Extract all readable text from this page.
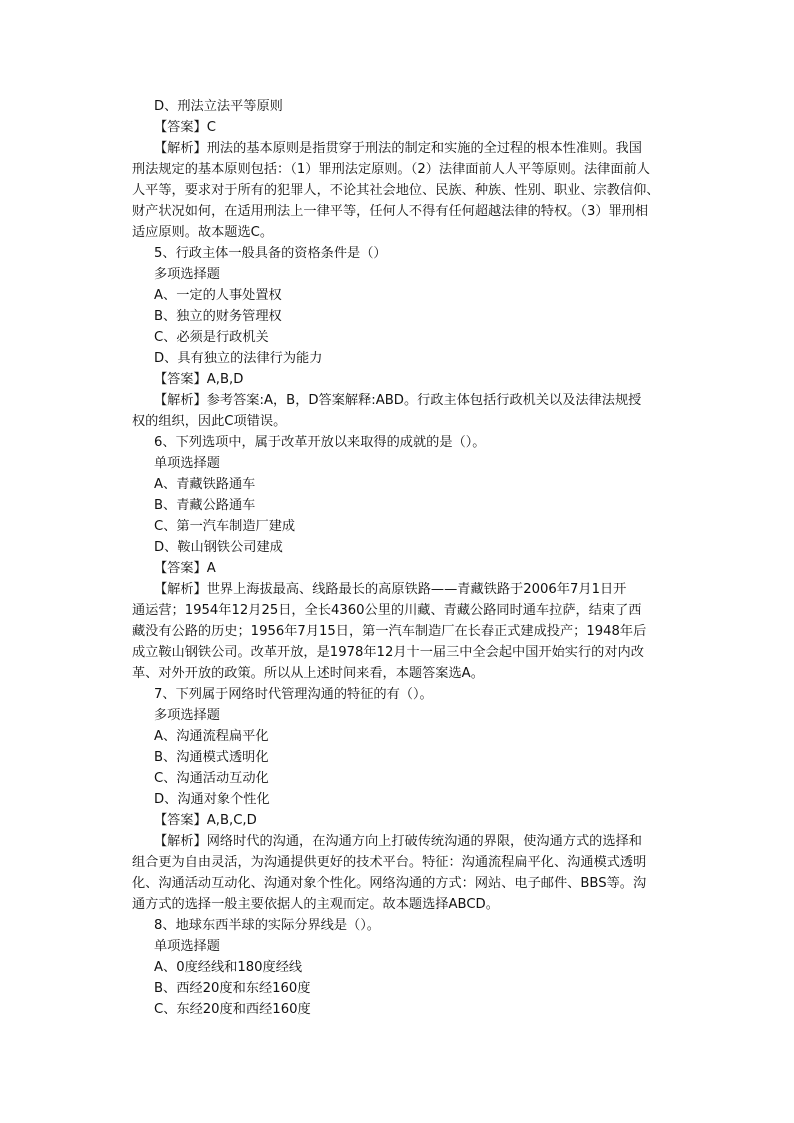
D、刑法立法平等原则
【答案】C
【解析】刑法的基本原则是指贯穿于刑法的制定和实施的全过程的根本性准则。我国
刑法规定的基本原则包括：（1）罪刑法定原则。（2）法律面前人人平等原则。法律面前人
人平等，要求对于所有的犯罪人，不论其社会地位、民族、种族、性别、职业、宗教信仰、
财产状况如何，在适用刑法上一律平等，任何人不得有任何超越法律的特权。（3）罪刑相
适应原则。故本题选C。
5、行政主体一般具备的资格条件是（）
多项选择题
A、一定的人事处置权
B、独立的财务管理权
C、必须是行政机关
D、具有独立的法律行为能力
【答案】A,B,D
【解析】参考答案:A，B，D答案解释:ABD。行政主体包括行政机关以及法律法规授
权的组织，因此C项错误。
6、下列选项中，属于改革开放以来取得的成就的是（）。
单项选择题
A、青藏铁路通车
B、青藏公路通车
C、第一汽车制造厂建成
D、鞍山钢铁公司建成
【答案】A
【解析】世界上海拔最高、线路最长的高原铁路——青藏铁路于2006年7月1日开
通运营；1954年12月25日，全长4360公里的川藏、青藏公路同时通车拉萨，结束了西
藏没有公路的历史；1956年7月15日，第一汽车制造厂在长春正式建成投产；1948年后
成立鞍山钢铁公司。改革开放，是1978年12月十一届三中全会起中国开始实行的对内改
革、对外开放的政策。所以从上述时间来看，本题答案选A。
7、下列属于网络时代管理沟通的特征的有（）。
多项选择题
A、沟通流程扁平化
B、沟通模式透明化
C、沟通活动互动化
D、沟通对象个性化
【答案】A,B,C,D
【解析】网络时代的沟通，在沟通方向上打破传统沟通的界限，使沟通方式的选择和
组合更为自由灵活，为沟通提供更好的技术平台。特征：沟通流程扁平化、沟通模式透明
化、沟通活动互动化、沟通对象个性化。网络沟通的方式：网站、电子邮件、BBS等。沟
通方式的选择一般主要依据人的主观而定。故本题选择ABCD。
8、地球东西半球的实际分界线是（）。
单项选择题
A、0度经线和180度经线
B、西经20度和东经160度
C、东经20度和西经160度
